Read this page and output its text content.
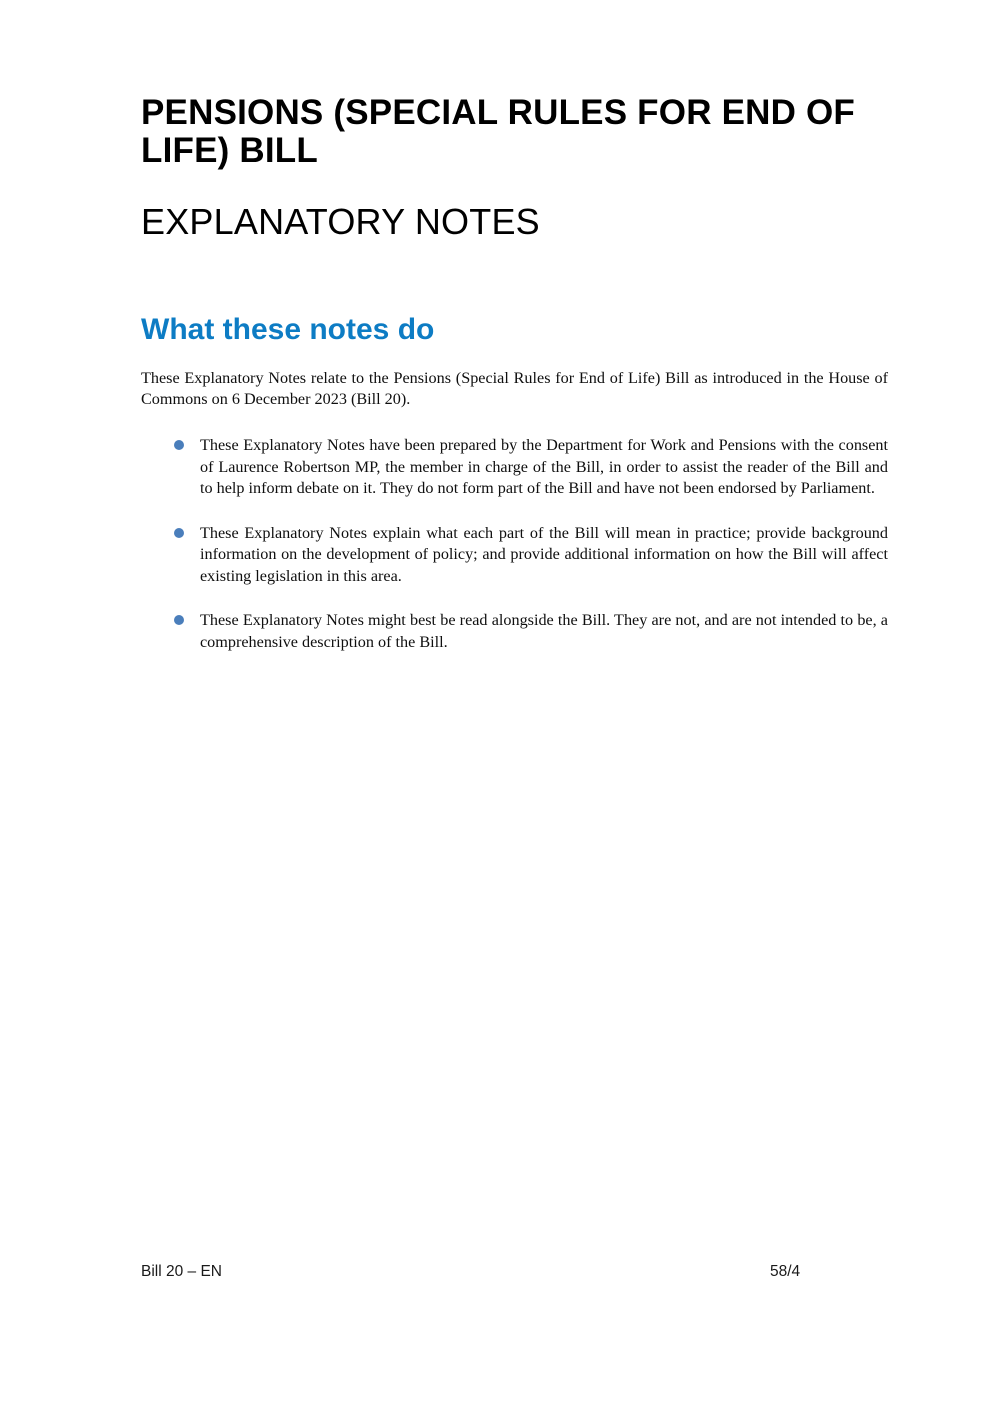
PENSIONS (SPECIAL RULES FOR END OF LIFE) BILL
EXPLANATORY NOTES
What these notes do

These Explanatory Notes relate to the Pensions (Special Rules for End of Life) Bill as introduced in the House of Commons on 6 December 2023 (Bill 20).

These Explanatory Notes have been prepared by the Department for Work and Pensions with the consent of Laurence Robertson MP, the member in charge of the Bill, in order to assist the reader of the Bill and to help inform debate on it. They do not form part of the Bill and have not been endorsed by Parliament.
These Explanatory Notes explain what each part of the Bill will mean in practice; provide background information on the development of policy; and provide additional information on how the Bill will affect existing legislation in this area.
These Explanatory Notes might best be read alongside the Bill. They are not, and are not intended to be, a comprehensive description of the Bill.
Bill 20 – EN	58/4
